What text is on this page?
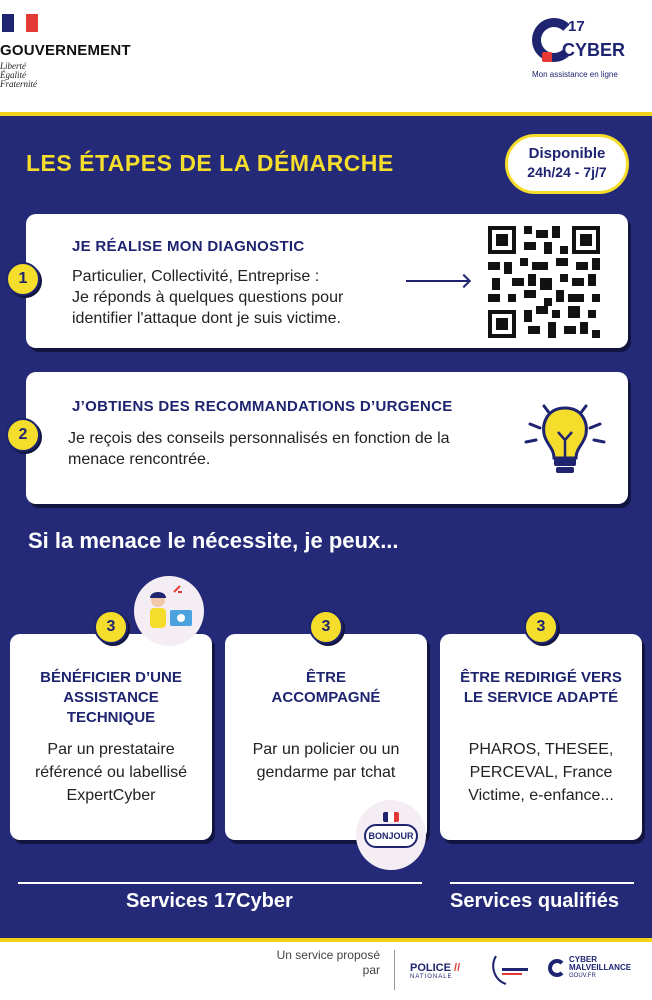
GOUVERNEMENT
Liberté
Égalité
Fraternité
17
CYBER
Mon assistance en ligne
LES ÉTAPES DE LA DÉMARCHE	Disponible
24h/24 - 7j/7
JE RÉALISE MON DIAGNOSTIC
Particulier, Collectivité, Entreprise :
Je réponds à quelques questions pour
identifier l'attaque dont je suis victime.
1
J’OBTIENS DES RECOMMANDATIONS D’URGENCE
Je reçois des conseils personnalisés en fonction de la
menace rencontrée.
2
Si la menace le nécessite, je peux...
BÉNÉFICIER D’UNE
ASSISTANCE
TECHNIQUE
Par un prestataire
référencé ou labellisé
ExpertCyber
ÊTRE
ACCOMPAGNÉ
Par un policier ou un
gendarme par tchat
ÊTRE REDIRIGÉ VERS
LE SERVICE ADAPTÉ
PHAROS, THESEE,
PERCEVAL, France
Victime, e-enfance...
3	3	3
BONJOUR
Services 17Cyber	Services qualifiés
Un service proposé par	POLICE //
NATIONALE
CYBER
MALVEILLANCE
GOUV.FR
